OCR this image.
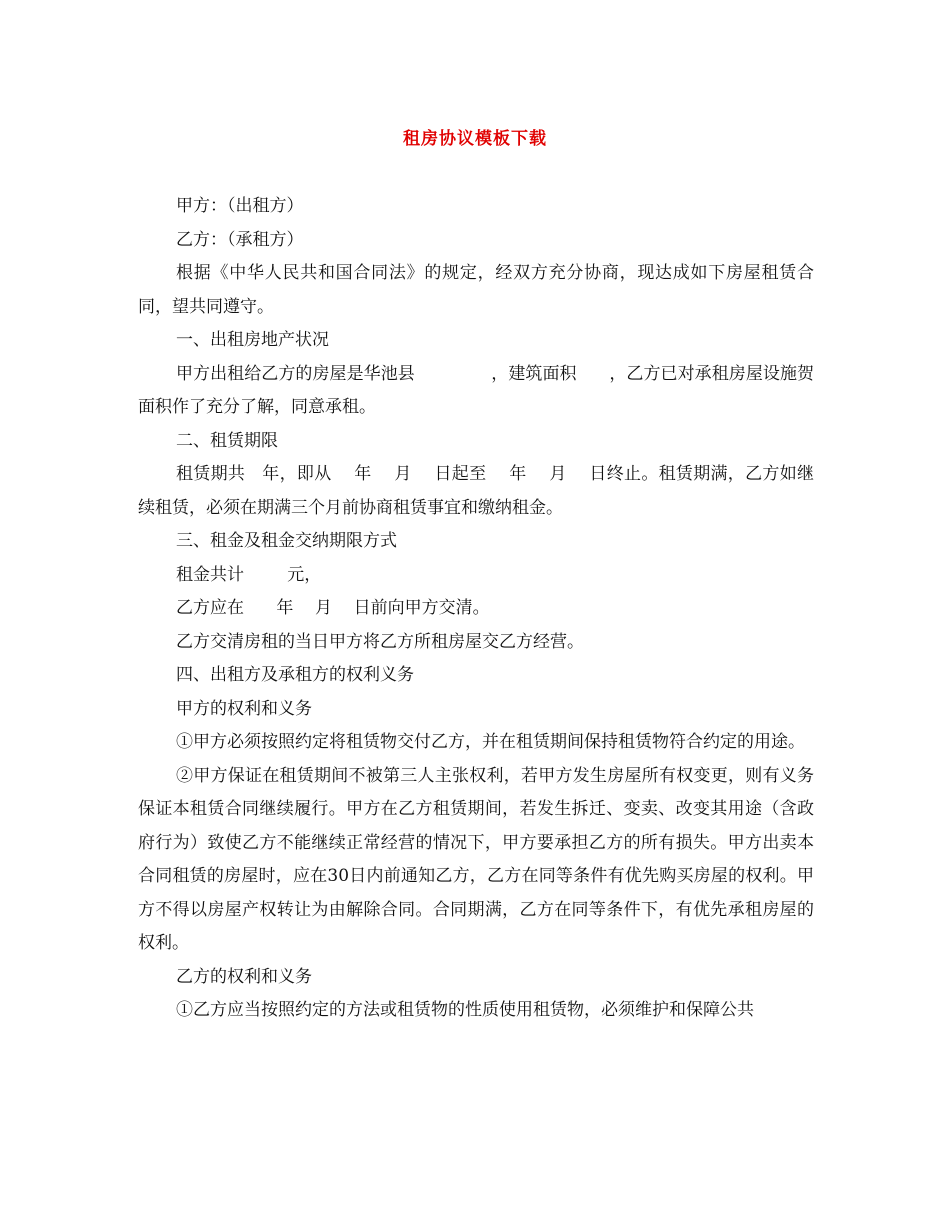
租房协议模板下载

甲方：（出租方）

乙方：（承租方）

根据《中华人民共和国合同法》的规定，经双方充分协商，现达成如下房屋租赁合同，望共同遵守。

一、出租房地产状况

甲方出租给乙方的房屋是华池县              ，建筑面积      ，乙方已对承租房屋设施贺面积作了充分了解，同意承租。

二、租赁期限

租赁期共   年，即从    年    月    日起至    年    月    日终止。租赁期满，乙方如继续租赁，必须在期满三个月前协商租赁事宜和缴纳租金。

三、租金及租金交纳期限方式

租金共计        元，

乙方应在      年    月    日前向甲方交清。

乙方交清房租的当日甲方将乙方所租房屋交乙方经营。

四、出租方及承租方的权利义务

甲方的权利和义务

①甲方必须按照约定将租赁物交付乙方，并在租赁期间保持租赁物符合约定的用途。

②甲方保证在租赁期间不被第三人主张权利，若甲方发生房屋所有权变更，则有义务保证本租赁合同继续履行。甲方在乙方租赁期间，若发生拆迁、变卖、改变其用途（含政府行为）致使乙方不能继续正常经营的情况下，甲方要承担乙方的所有损失。甲方出卖本合同租赁的房屋时，应在30日内前通知乙方，乙方在同等条件有优先购买房屋的权利。甲方不得以房屋产权转让为由解除合同。合同期满，乙方在同等条件下，有优先承租房屋的权利。

乙方的权利和义务

①乙方应当按照约定的方法或租赁物的性质使用租赁物，必须维护和保障公共
